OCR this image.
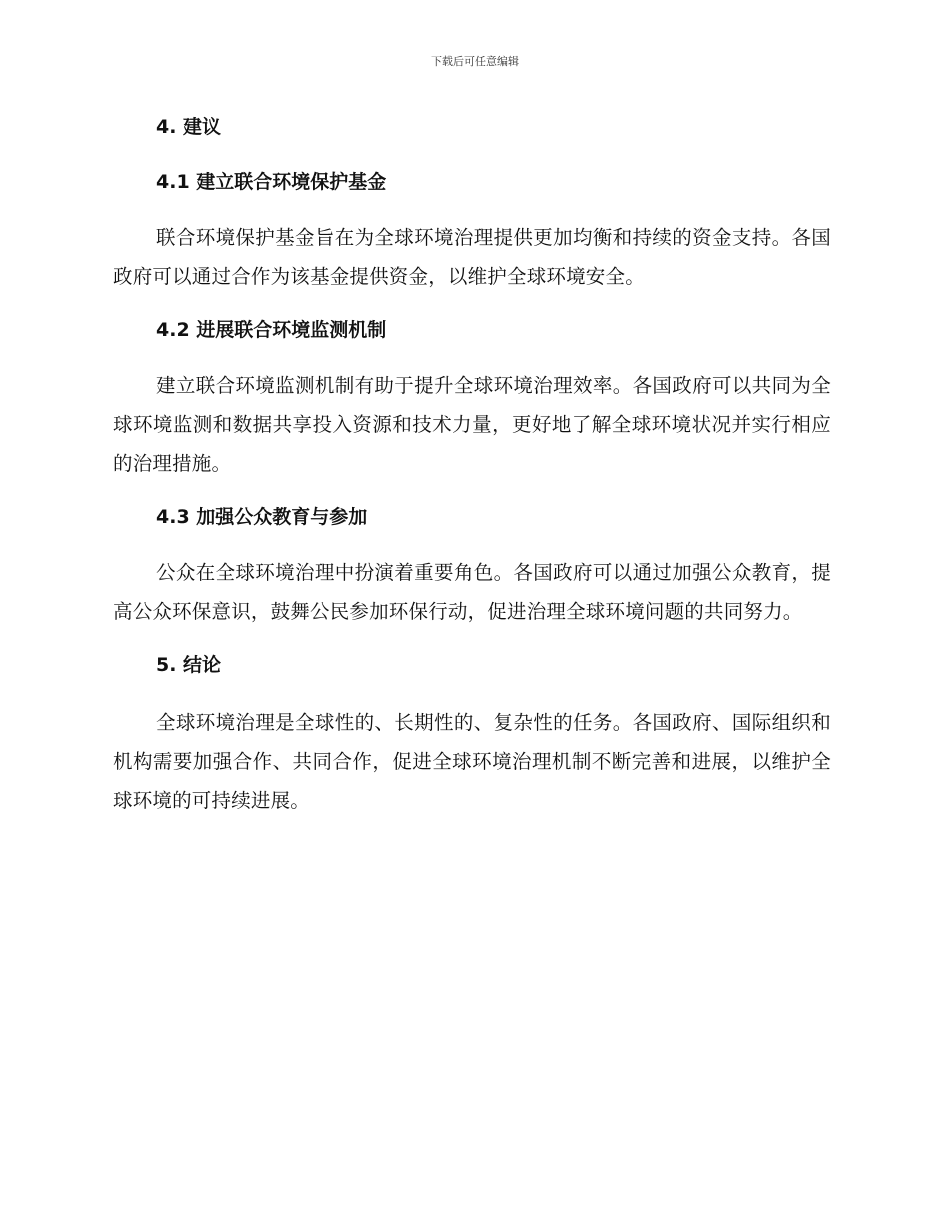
下载后可任意编辑
4. 建议
4.1 建立联合环境保护基金

联合环境保护基金旨在为全球环境治理提供更加均衡和持续的资金支持。各国政府可以通过合作为该基金提供资金，以维护全球环境安全。

4.2 进展联合环境监测机制

建立联合环境监测机制有助于提升全球环境治理效率。各国政府可以共同为全球环境监测和数据共享投入资源和技术力量，更好地了解全球环境状况并实行相应的治理措施。

4.3 加强公众教育与参加

公众在全球环境治理中扮演着重要角色。各国政府可以通过加强公众教育，提高公众环保意识，鼓舞公民参加环保行动，促进治理全球环境问题的共同努力。

5. 结论

全球环境治理是全球性的、长期性的、复杂性的任务。各国政府、国际组织和机构需要加强合作、共同合作，促进全球环境治理机制不断完善和进展，以维护全球环境的可持续进展。
